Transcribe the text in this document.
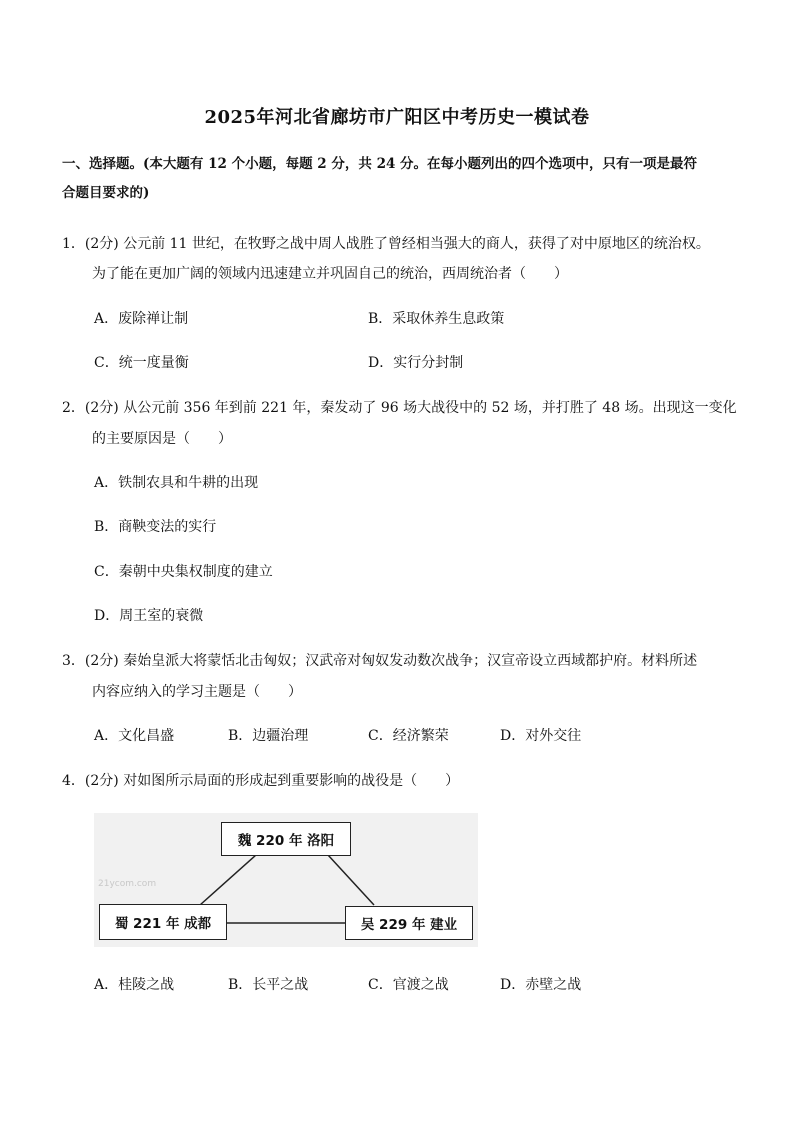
2025年河北省廊坊市广阳区中考历史一模试卷
一、选择题。(本大题有 12 个小题，每题 2 分，共 24 分。在每小题列出的四个选项中，只有一项是最符
合题目要求的)
1．(2分) 公元前 11 世纪，在牧野之战中周人战胜了曾经相当强大的商人，获得了对中原地区的统治权。
为了能在更加广阔的领域内迅速建立并巩固自己的统治，西周统治者（　　）
A．废除禅让制	B．采取休养生息政策
C．统一度量衡	D．实行分封制
2．(2分) 从公元前 356 年到前 221 年，秦发动了 96 场大战役中的 52 场，并打胜了 48 场。出现这一变化
的主要原因是（　　）
A．铁制农具和牛耕的出现
B．商鞅变法的实行
C．秦朝中央集权制度的建立
D．周王室的衰微
3．(2分) 秦始皇派大将蒙恬北击匈奴；汉武帝对匈奴发动数次战争；汉宣帝设立西域都护府。材料所述
内容应纳入的学习主题是（　　）
A．文化昌盛	B．边疆治理	C．经济繁荣	D．对外交往
4．(2分) 对如图所示局面的形成起到重要影响的战役是（　　）
21ycom.com
魏 220 年 洛阳
蜀 221 年 成都	吴 229 年 建业
A．桂陵之战	B．长平之战	C．官渡之战	D．赤壁之战
